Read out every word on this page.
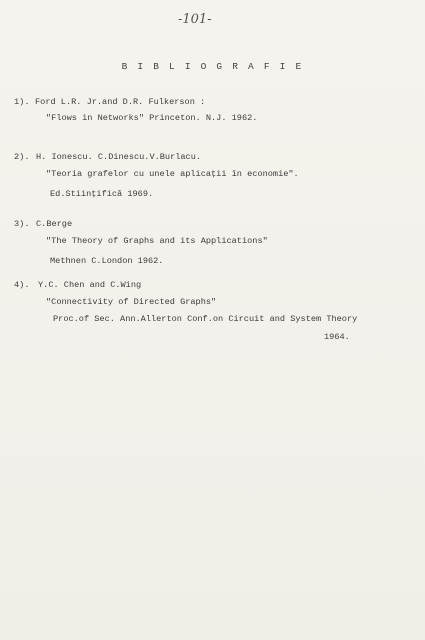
-101-
B I B L I O G R A F I E
1). Ford L.R. Jr.and D.R. Fulkerson :
"Flows in Networks" Princeton. N.J. 1962.
2). H. Ionescu. C.Dinescu.V.Burlacu.
"Teoria grafelor cu unele aplicații în economie".
Ed.Stiințifică 1969.
3). C.Berge
"The Theory of Graphs and its Applications"
Methnen C.London 1962.
4). Y.C. Chen and C.Wing
"Connectivity of Directed Graphs"
Proc.of Sec. Ann.Allerton Conf.on Circuit and System Theory
1964.
